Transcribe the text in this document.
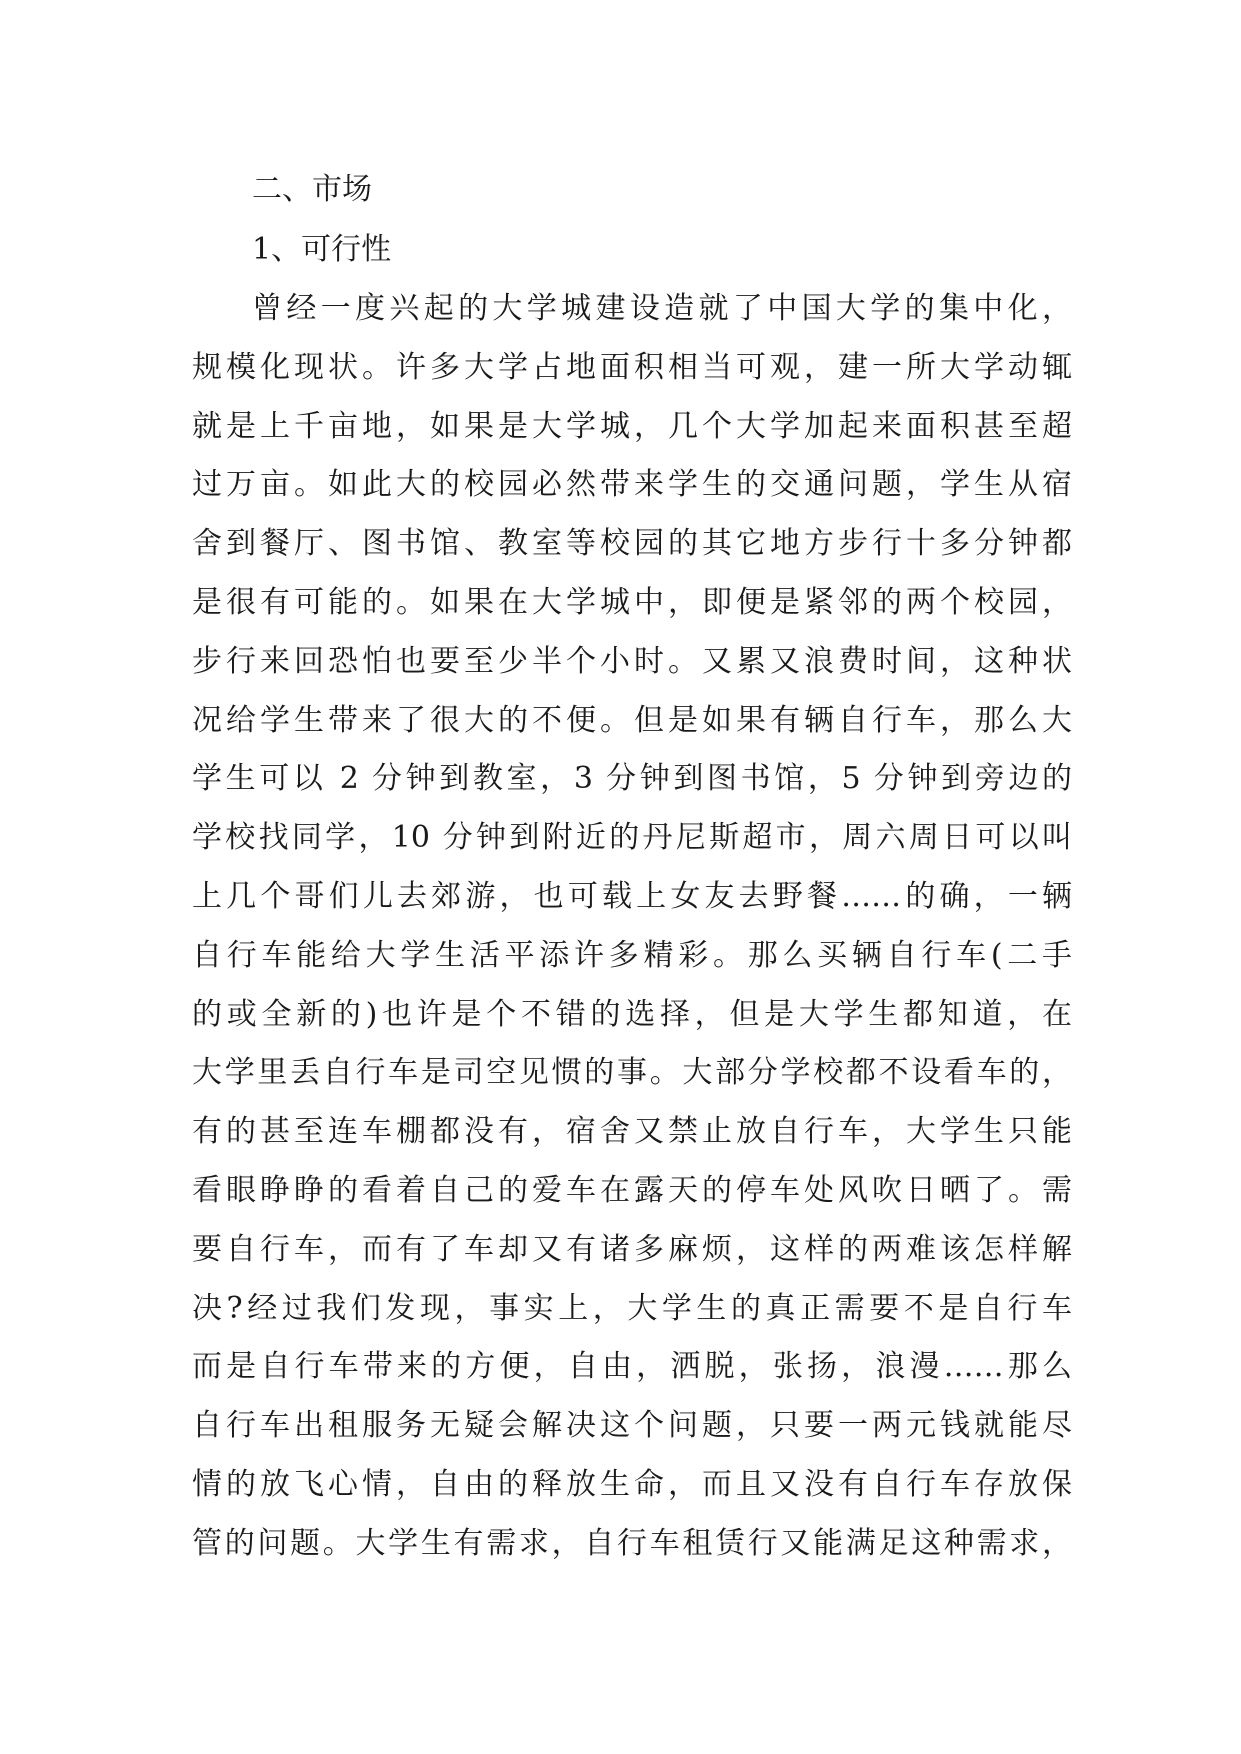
二、市场
1、可行性
曾经一度兴起的大学城建设造就了中国大学的集中化，
规模化现状。许多大学占地面积相当可观，建一所大学动辄
就是上千亩地，如果是大学城，几个大学加起来面积甚至超
过万亩。如此大的校园必然带来学生的交通问题，学生从宿
舍到餐厅、图书馆、教室等校园的其它地方步行十多分钟都
是很有可能的。如果在大学城中，即便是紧邻的两个校园，
步行来回恐怕也要至少半个小时。又累又浪费时间，这种状
况给学生带来了很大的不便。但是如果有辆自行车，那么大
学生可以 2 分钟到教室，3 分钟到图书馆，5 分钟到旁边的
学校找同学，10 分钟到附近的丹尼斯超市，周六周日可以叫
上几个哥们儿去郊游，也可载上女友去野餐……的确，一辆
自行车能给大学生活平添许多精彩。那么买辆自行车(二手
的或全新的)也许是个不错的选择，但是大学生都知道，在
大学里丢自行车是司空见惯的事。大部分学校都不设看车的，
有的甚至连车棚都没有，宿舍又禁止放自行车，大学生只能
看眼睁睁的看着自己的爱车在露天的停车处风吹日晒了。需
要自行车，而有了车却又有诸多麻烦，这样的两难该怎样解
决?经过我们发现，事实上，大学生的真正需要不是自行车
而是自行车带来的方便，自由，洒脱，张扬，浪漫……那么
自行车出租服务无疑会解决这个问题，只要一两元钱就能尽
情的放飞心情，自由的释放生命，而且又没有自行车存放保
管的问题。大学生有需求，自行车租赁行又能满足这种需求，
